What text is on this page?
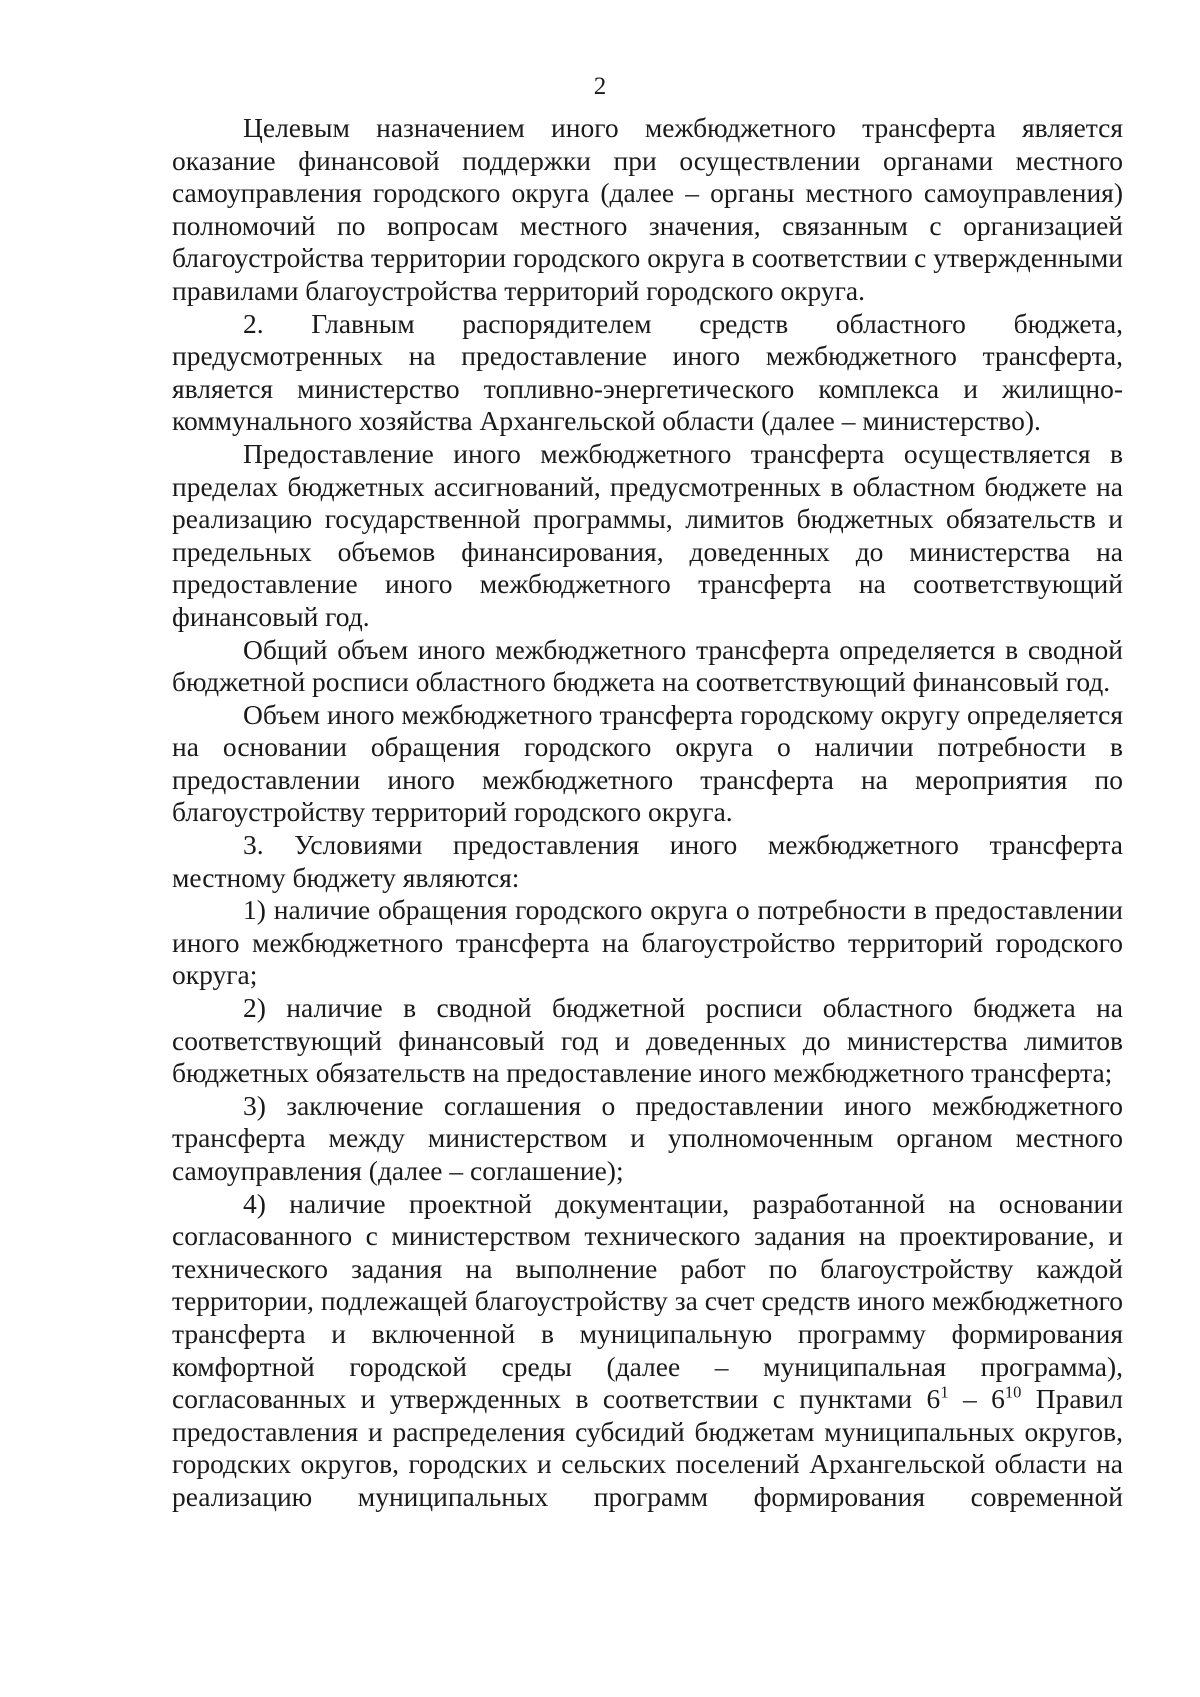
2

Целевым назначением иного межбюджетного трансферта является оказание финансовой поддержки при осуществлении органами местного самоуправления городского округа (далее – органы местного самоуправления) полномочий по вопросам местного значения, связанным с организацией благоустройства территории городского округа в соответствии с утвержденными правилами благоустройства территорий городского округа.

2. Главным распорядителем средств областного бюджета, предусмотренных на предоставление иного межбюджетного трансферта, является министерство топливно-энергетического комплекса и жилищно-коммунального хозяйства Архангельской области (далее – министерство).

Предоставление иного межбюджетного трансферта осуществляется в пределах бюджетных ассигнований, предусмотренных в областном бюджете на реализацию государственной программы, лимитов бюджетных обязательств и предельных объемов финансирования, доведенных до министерства на предоставление иного межбюджетного трансферта на соответствующий финансовый год.

Общий объем иного межбюджетного трансферта определяется в сводной бюджетной росписи областного бюджета на соответствующий финансовый год.

Объем иного межбюджетного трансферта городскому округу определяется на основании обращения городского округа о наличии потребности в предоставлении иного межбюджетного трансферта на мероприятия по благоустройству территорий городского округа.

3. Условиями предоставления иного межбюджетного трансферта местному бюджету являются:

1) наличие обращения городского округа о потребности в предоставлении иного межбюджетного трансферта на благоустройство территорий городского округа;

2) наличие в сводной бюджетной росписи областного бюджета на соответствующий финансовый год и доведенных до министерства лимитов бюджетных обязательств на предоставление иного межбюджетного трансферта;

3) заключение соглашения о предоставлении иного межбюджетного трансферта между министерством и уполномоченным органом местного самоуправления (далее – соглашение);

4) наличие проектной документации, разработанной на основании согласованного с министерством технического задания на проектирование, и технического задания на выполнение работ по благоустройству каждой территории, подлежащей благоустройству за счет средств иного межбюджетного трансферта и включенной в муниципальную программу формирования комфортной городской среды (далее – муниципальная программа), согласованных и утвержденных в соответствии с пунктами $6^1 - 6^{10}$ Правил предоставления и распределения субсидий бюджетам муниципальных округов, городских округов, городских и сельских поселений Архангельской области на реализацию муниципальных программ формирования современной
